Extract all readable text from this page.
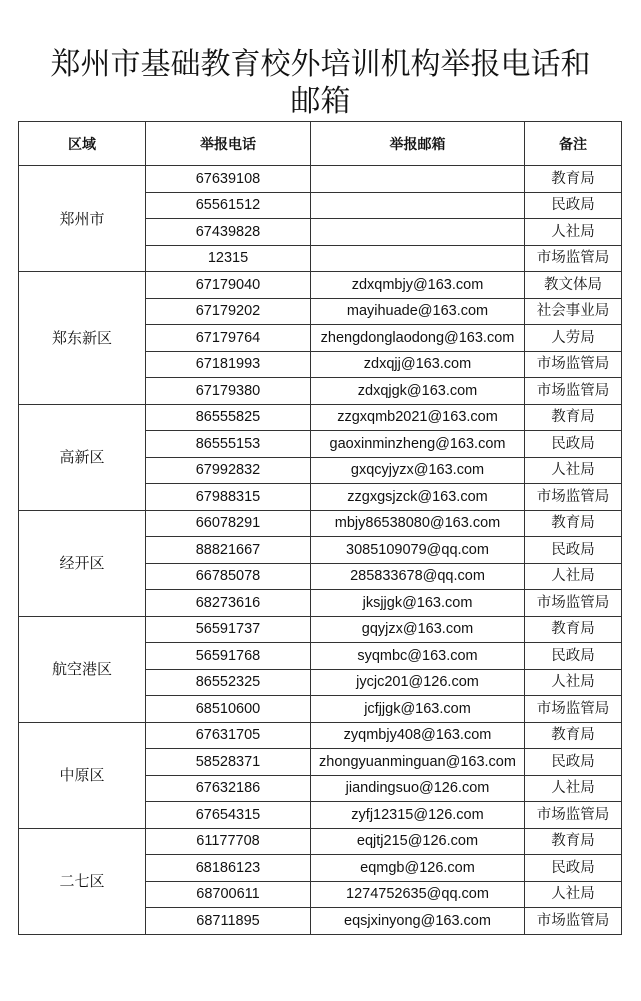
郑州市基础教育校外培训机构举报电话和
邮箱
区域	举报电话	举报邮箱	备注
郑州市	67639108		教育局
	65561512		民政局
	67439828		人社局
	12315		市场监管局
郑东新区	67179040	zdxqmbjy@163.com	教文体局
	67179202	mayihuade@163.com	社会事业局
	67179764	zhengdonglaodong@163.com	人劳局
	67181993	zdxqjj@163.com	市场监管局
	67179380	zdxqjgk@163.com	市场监管局
高新区	86555825	zzgxqmb2021@163.com	教育局
	86555153	gaoxinminzheng@163.com	民政局
	67992832	gxqcyjyzx@163.com	人社局
	67988315	zzgxgsjzck@163.com	市场监管局
经开区	66078291	mbjy86538080@163.com	教育局
	88821667	3085109079@qq.com	民政局
	66785078	285833678@qq.com	人社局
	68273616	jksjjgk@163.com	市场监管局
航空港区	56591737	gqyjzx@163.com	教育局
	56591768	syqmbc@163.com	民政局
	86552325	jycjc201@126.com	人社局
	68510600	jcfjjgk@163.com	市场监管局
中原区	67631705	zyqmbjy408@163.com	教育局
	58528371	zhongyuanminguan@163.com	民政局
	67632186	jiandingsuo@126.com	人社局
	67654315	zyfj12315@126.com	市场监管局
二七区	61177708	eqjtj215@126.com	教育局
	68186123	eqmgb@126.com	民政局
	68700611	1274752635@qq.com	人社局
	68711895	eqsjxinyong@163.com	市场监管局
